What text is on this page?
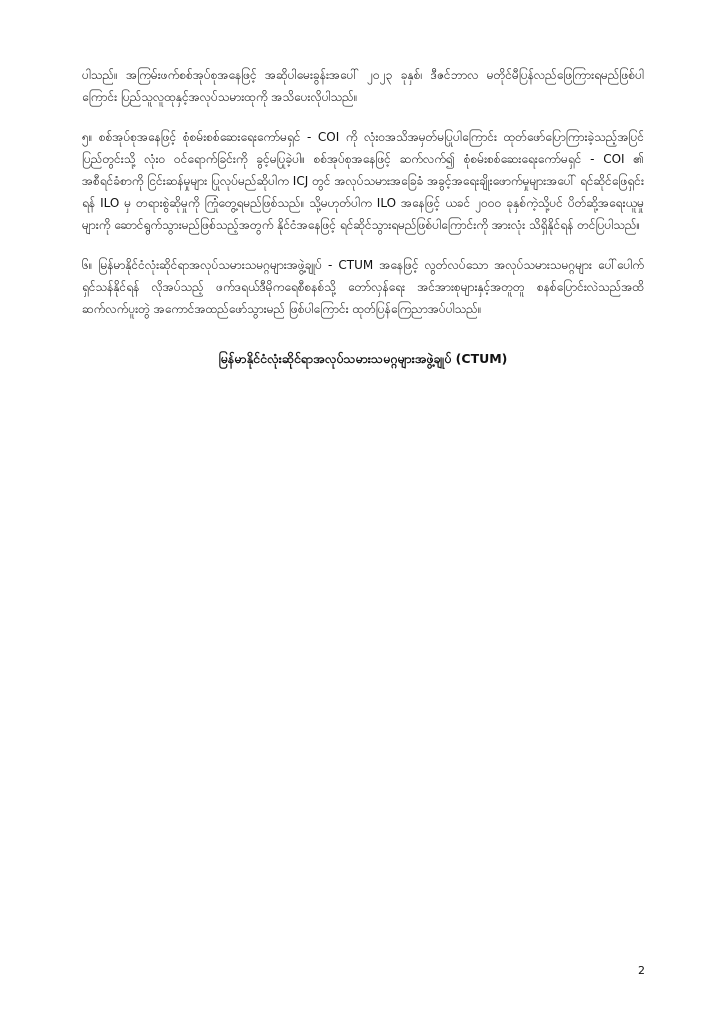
ပါသည်။ အကြမ်းဖက်စစ်အုပ်စုအနေဖြင့် အဆိုပါမေးခွန်းအပေါ် ၂၀၂၃ ခုနှစ်၊ ဒီဇင်ဘာလ မတိုင်မီပြန်လည်ဖြေကြားရမည်ဖြစ်ပါကြောင်း ပြည်သူလူထုနှင့်အလုပ်သမားထုကို အသိပေးလိုပါသည်။

၅။ စစ်အုပ်စုအနေဖြင့် စုံစမ်းစစ်ဆေးရေးကော်မရှင် - COI ကို လုံး၀အသိအမှတ်မပြုပါကြောင်း ထုတ်ဖော်ပြောကြားခဲ့သည့်အပြင် ပြည်တွင်းသို့ လုံး၀ ဝင်ရောက်ခြင်းကို ခွင့်မပြုခဲ့ပါ။ စစ်အုပ်စုအနေဖြင့် ဆက်လက်၍ စုံစမ်းစစ်ဆေးရေးကော်မရှင် - COI ၏ အစီရင်ခံစာကို ငြင်းဆန်မှုများ ပြုလုပ်မည်ဆိုပါက ICJ တွင် အလုပ်သမားအခြေခံ အခွင့်အရေးချိုးဖောက်မှုများအပေါ် ရင်ဆိုင်ဖြေရှင်းရန် ILO မှ တရားစွဲဆိုမှုကို ကြုံတွေ့ရမည်ဖြစ်သည်။ သို့မဟုတ်ပါက ILO အနေဖြင့် ယခင် ၂၀၀၀ ခုနှစ်ကဲ့သို့ပင် ပိတ်ဆို့အရေးယူမှုများကို ဆောင်ရွက်သွားမည်ဖြစ်သည့်အတွက် နိုင်ငံအနေဖြင့် ရင်ဆိုင်သွားရမည်ဖြစ်ပါကြောင်းကို အားလုံး သိရှိနိုင်ရန် တင်ပြပါသည်။

၆။ မြန်မာနိုင်ငံလုံးဆိုင်ရာအလုပ်သမားသမဂ္ဂများအဖွဲ့ချုပ် - CTUM အနေဖြင့် လွတ်လပ်သော အလုပ်သမားသမဂ္ဂများ ပေါ်ပေါက်ရှင်သန်နိုင်ရန် လိုအပ်သည့် ဖက်ဒရယ်ဒီမိုကရေစီစနစ်သို့ တော်လှန်ရေး အင်အားစုများနှင့်အတူတူ စနစ်ပြောင်းလဲသည်အထိ ဆက်လက်ပူးတွဲ အကောင်အထည်ဖော်သွားမည် ဖြစ်ပါကြောင်း ထုတ်ပြန်ကြေညာအပ်ပါသည်။

မြန်မာနိုင်ငံလုံးဆိုင်ရာအလုပ်သမားသမဂ္ဂများအဖွဲ့ချုပ် (CTUM)
2
